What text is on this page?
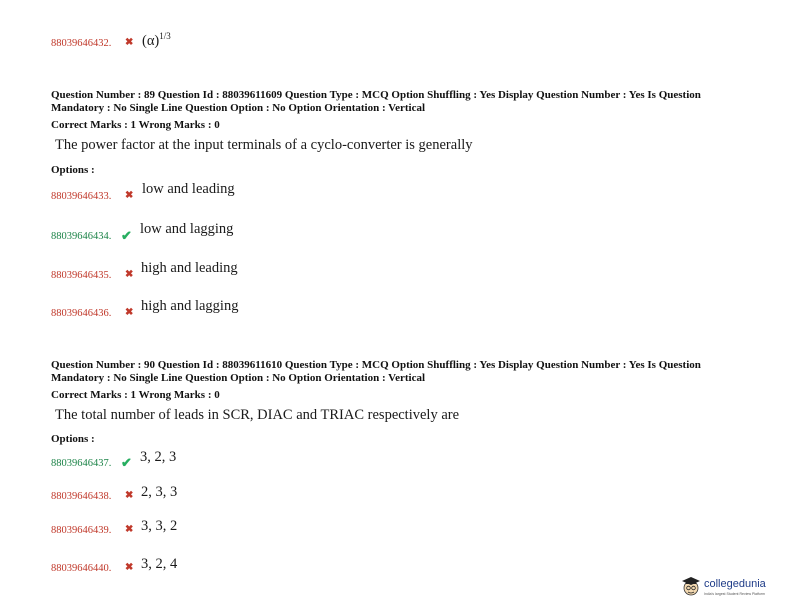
88039646432. ✖ $(\alpha)^{1/3}$
Question Number : 89 Question Id : 88039611609 Question Type : MCQ Option Shuffling : Yes Display Question Number : Yes Is Question Mandatory : No Single Line Question Option : No Option Orientation : Vertical
Correct Marks : 1 Wrong Marks : 0
The power factor at the input terminals of a cyclo-converter is generally
Options :
88039646433. ✖ low and leading
88039646434. ✔ low and lagging
88039646435. ✖ high and leading
88039646436. ✖ high and lagging
Question Number : 90 Question Id : 88039611610 Question Type : MCQ Option Shuffling : Yes Display Question Number : Yes Is Question Mandatory : No Single Line Question Option : No Option Orientation : Vertical
Correct Marks : 1 Wrong Marks : 0
The total number of leads in SCR, DIAC and TRIAC respectively are
Options :
88039646437. ✔ 3, 2, 3
88039646438. ✖ 2, 3, 3
88039646439. ✖ 3, 3, 2
88039646440. ✖ 3, 2, 4
collegedunia
India's largest Student Review Platform
